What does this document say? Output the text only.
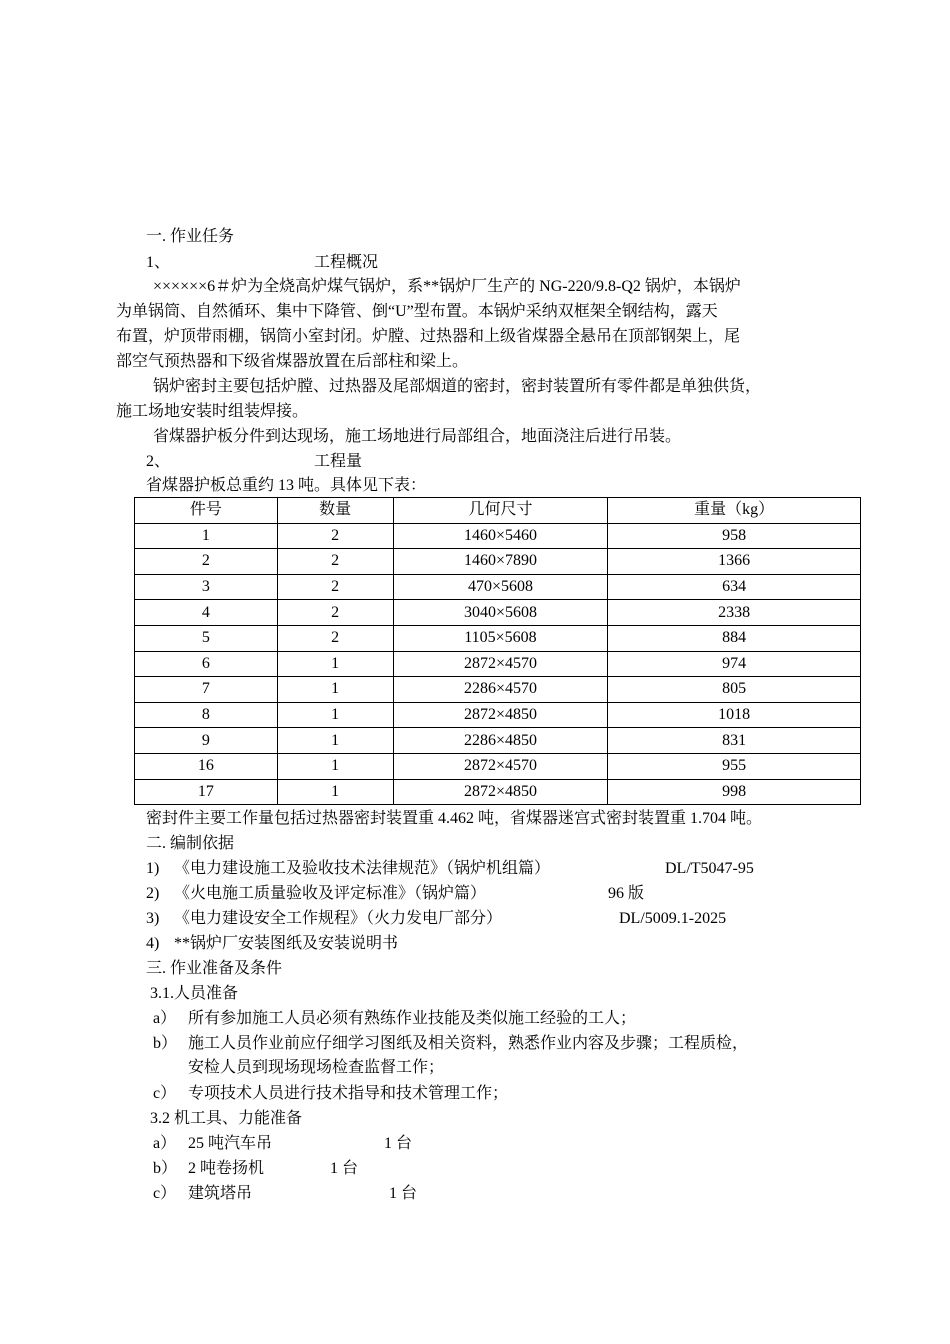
一. 作业任务
1、	工程概况
××××××6＃炉为全烧高炉煤气锅炉，系**锅炉厂生产的 NG-220/9.8-Q2 锅炉，本锅炉
为单锅筒、自然循环、集中下降管、倒“U”型布置。本锅炉采纳双框架全钢结构，露天
布置，炉顶带雨棚，锅筒小室封闭。炉膛、过热器和上级省煤器全悬吊在顶部钢架上，尾
部空气预热器和下级省煤器放置在后部柱和梁上。
锅炉密封主要包括炉膛、过热器及尾部烟道的密封，密封装置所有零件都是单独供货，
施工场地安装时组装焊接。
省煤器护板分件到达现场，施工场地进行局部组合，地面浇注后进行吊装。
2、	工程量
省煤器护板总重约 13 吨。具体见下表：
件号	数量	几何尺寸	重量（kg）
1	2	1460×5460	958
2	2	1460×7890	1366
3	2	470×5608	634
4	2	3040×5608	2338
5	2	1105×5608	884
6	1	2872×4570	974
7	1	2286×4570	805
8	1	2872×4850	1018
9	1	2286×4850	831
16	1	2872×4570	955
17	1	2872×4850	998
密封件主要工作量包括过热器密封装置重 4.462 吨，省煤器迷宫式密封装置重 1.704 吨。
二. 编制依据
1) 《电力建设施工及验收技术法律规范》（锅炉机组篇）	DL/T5047-95
2) 《火电施工质量验收及评定标准》（锅炉篇）	96 版
3) 《电力建设安全工作规程》（火力发电厂部分）	DL/5009.1-2025
4) **锅炉厂安装图纸及安装说明书
三. 作业准备及条件
3.1.人员准备
a） 所有参加施工人员必须有熟练作业技能及类似施工经验的工人；
b） 施工人员作业前应仔细学习图纸及相关资料，熟悉作业内容及步骤；工程质检，
安检人员到现场现场检查监督工作；
c） 专项技术人员进行技术指导和技术管理工作；
3.2 机工具、力能准备
a） 25 吨汽车吊	1 台
b） 2 吨卷扬机	1 台
c） 建筑塔吊	1 台
